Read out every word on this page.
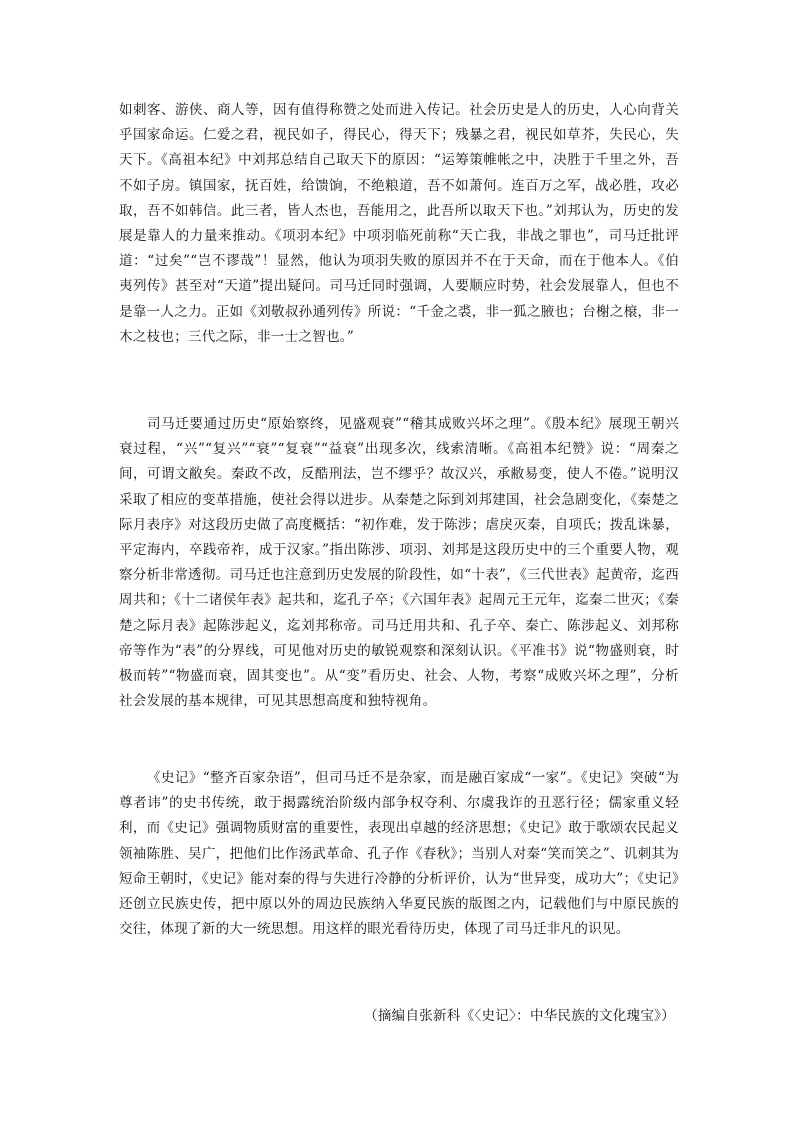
如刺客、游侠、商人等，因有值得称赞之处而进入传记。社会历史是人的历史，人心向背关乎国家命运。仁爱之君，视民如子，得民心，得天下；残暴之君，视民如草芥，失民心，失天下。《高祖本纪》中刘邦总结自己取天下的原因：“运筹策帷帐之中，决胜于千里之外，吾不如子房。镇国家，抚百姓，给馈饷，不绝粮道，吾不如萧何。连百万之军，战必胜，攻必取，吾不如韩信。此三者，皆人杰也，吾能用之，此吾所以取天下也。”刘邦认为，历史的发展是靠人的力量来推动。《项羽本纪》中项羽临死前称“天亡我，非战之罪也”，司马迁批评道：“过矣”“岂不谬哉”！显然，他认为项羽失败的原因并不在于天命，而在于他本人。《伯夷列传》甚至对“天道”提出疑问。司马迁同时强调，人要顺应时势，社会发展靠人，但也不是靠一人之力。正如《刘敬叔孙通列传》所说：“千金之裘，非一狐之腋也；台榭之榱，非一木之枝也；三代之际，非一士之智也。”

司马迁要通过历史“原始察终，见盛观衰”“稽其成败兴坏之理”。《殷本纪》展现王朝兴衰过程，“兴”“复兴”“衰”“复衰”“益衰”出现多次，线索清晰。《高祖本纪赞》说：“周秦之间，可谓文敝矣。秦政不改，反酷刑法，岂不缪乎？故汉兴，承敝易变，使人不倦。”说明汉采取了相应的变革措施，使社会得以进步。从秦楚之际到刘邦建国，社会急剧变化，《秦楚之际月表序》对这段历史做了高度概括：“初作难，发于陈涉；虐戾灭秦，自项氏；拨乱诛暴，平定海内，卒践帝祚，成于汉家。”指出陈涉、项羽、刘邦是这段历史中的三个重要人物，观察分析非常透彻。司马迁也注意到历史发展的阶段性，如“十表”，《三代世表》起黄帝，迄西周共和；《十二诸侯年表》起共和，迄孔子卒；《六国年表》起周元王元年，迄秦二世灭；《秦楚之际月表》起陈涉起义，迄刘邦称帝。司马迁用共和、孔子卒、秦亡、陈涉起义、刘邦称帝等作为“表”的分界线，可见他对历史的敏锐观察和深刻认识。《平准书》说“物盛则衰，时极而转”“物盛而衰，固其变也”。从“变”看历史、社会、人物，考察“成败兴坏之理”，分析社会发展的基本规律，可见其思想高度和独特视角。

《史记》“整齐百家杂语”，但司马迁不是杂家，而是融百家成“一家”。《史记》突破“为尊者讳”的史书传统，敢于揭露统治阶级内部争权夺利、尔虞我诈的丑恶行径；儒家重义轻利，而《史记》强调物质财富的重要性，表现出卓越的经济思想；《史记》敢于歌颂农民起义领袖陈胜、吴广，把他们比作汤武革命、孔子作《春秋》；当别人对秦“笑而笑之”、讥刺其为短命王朝时，《史记》能对秦的得与失进行冷静的分析评价，认为“世异变，成功大”；《史记》还创立民族史传，把中原以外的周边民族纳入华夏民族的版图之内，记载他们与中原民族的交往，体现了新的大一统思想。用这样的眼光看待历史，体现了司马迁非凡的识见。

（摘编自张新科《〈史记〉：中华民族的文化瑰宝》）
